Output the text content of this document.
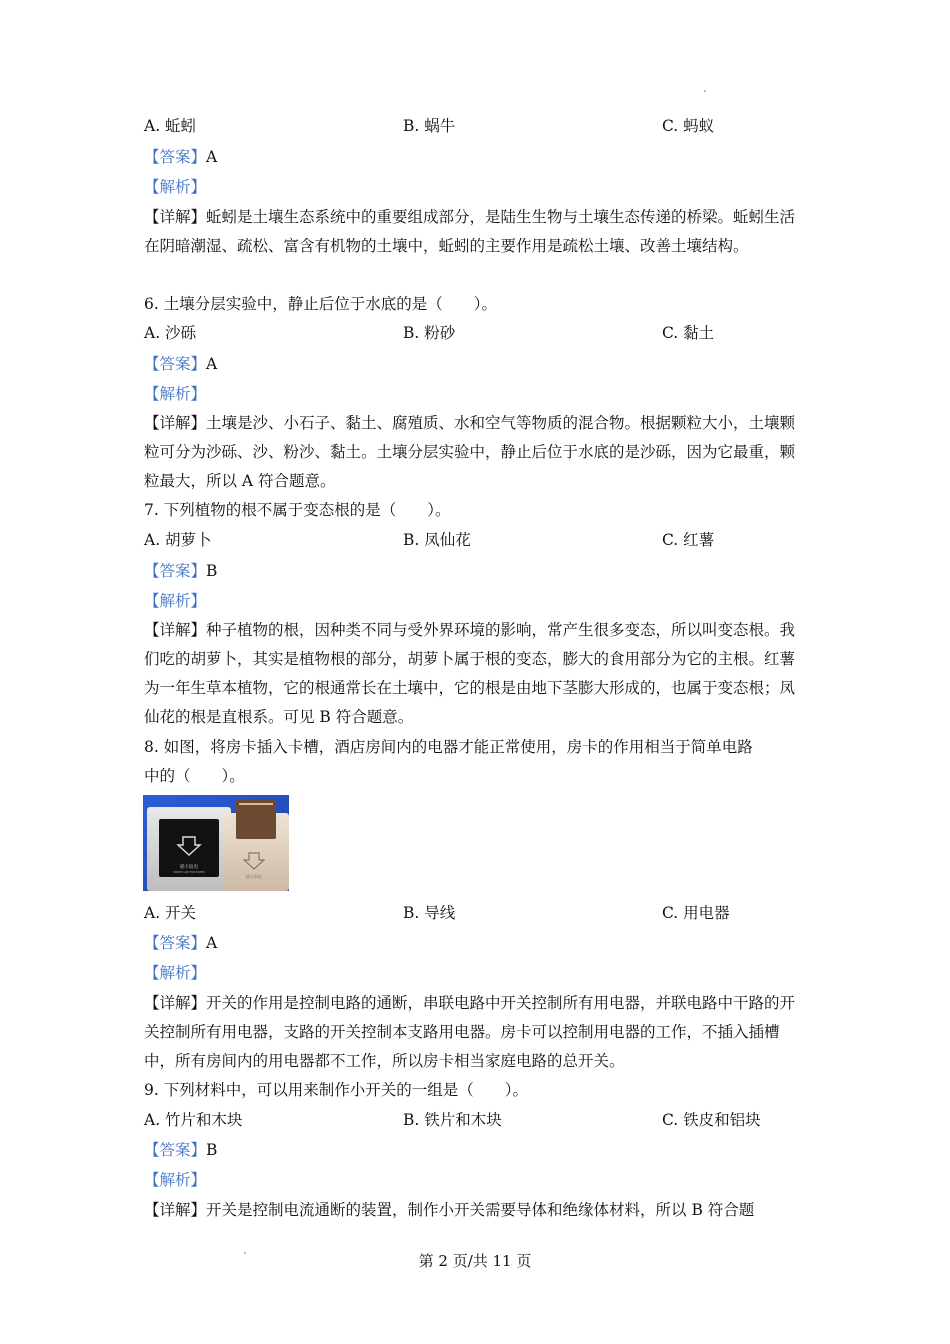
A. 蚯蚓	B. 蜗牛	C. 蚂蚁
【答案】A
【解析】
【详解】蚯蚓是土壤生态系统中的重要组成部分，是陆生生物与土壤生态传递的桥梁。蚯蚓生活在阴暗潮湿、疏松、富含有机物的土壤中，蚯蚓的主要作用是疏松土壤、改善土壤结构。
6. 土壤分层实验中，静止后位于水底的是（　　）。
A. 沙砾	B. 粉砂	C. 黏土
【答案】A
【解析】
【详解】土壤是沙、小石子、黏土、腐殖质、水和空气等物质的混合物。根据颗粒大小，土壤颗粒可分为沙砾、沙、粉沙、黏土。土壤分层实验中，静止后位于水底的是沙砾，因为它最重，颗粒最大，所以 A 符合题意。
7. 下列植物的根不属于变态根的是（　　）。
A. 胡萝卜	B. 凤仙花	C. 红薯
【答案】B
【解析】
【详解】种子植物的根，因种类不同与受外界环境的影响，常产生很多变态，所以叫变态根。我们吃的胡萝卜，其实是植物根的部分，胡萝卜属于根的变态，膨大的食用部分为它的主根。红薯为一年生草本植物，它的根通常长在土壤中，它的根是由地下茎膨大形成的，也属于变态根；凤仙花的根是直根系。可见 B 符合题意。
8. 如图，将房卡插入卡槽，酒店房间内的电器才能正常使用，房卡的作用相当于简单电路
中的（　　）。
插卡取电
INSERT CARD FOR POWER
插卡取电
A. 开关	B. 导线	C. 用电器
【答案】A
【解析】
【详解】开关的作用是控制电路的通断，串联电路中开关控制所有用电器，并联电路中干路的开关控制所有用电器，支路的开关控制本支路用电器。房卡可以控制用电器的工作，不插入插槽中，所有房间内的用电器都不工作，所以房卡相当家庭电路的总开关。
9. 下列材料中，可以用来制作小开关的一组是（　　）。
A. 竹片和木块	B. 铁片和木块	C. 铁皮和铝块
【答案】B
【解析】
【详解】开关是控制电流通断的装置，制作小开关需要导体和绝缘体材料，所以 B 符合题
第 2 页/共 11 页
